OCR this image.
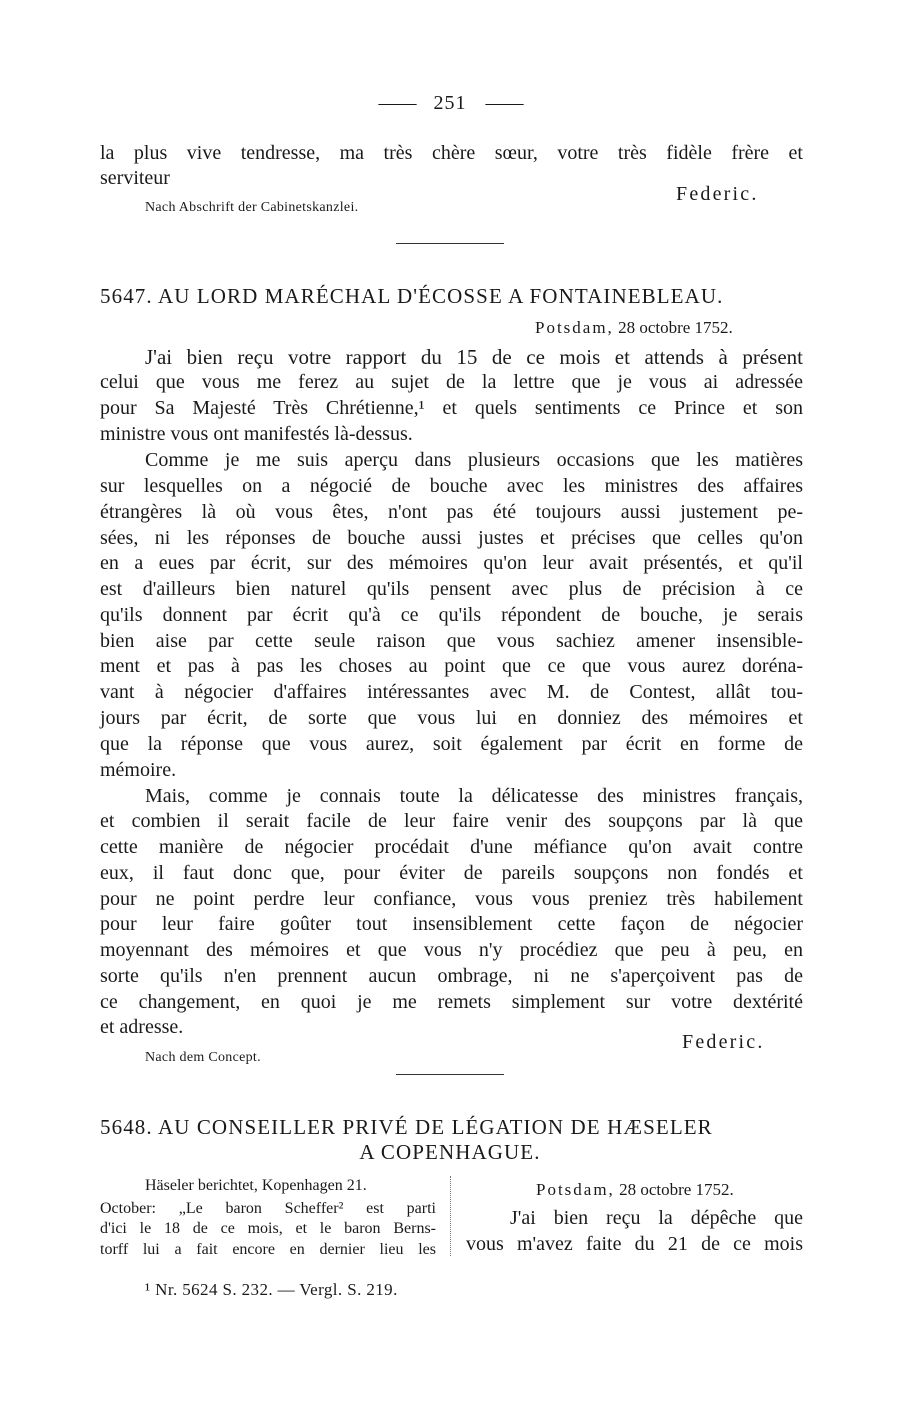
—— 251 ——
la plus vive tendresse, ma très chère sœur, votre très fidèle frère et
serviteur
Federic.
Nach Abschrift der Cabinetskanzlei.
5647. AU LORD MARÉCHAL D'ÉCOSSE A FONTAINEBLEAU.
Potsdam, 28 octobre 1752.
J'ai bien reçu votre rapport du 15 de ce mois et attends à présent
celui que vous me ferez au sujet de la lettre que je vous ai adressée
pour Sa Majesté Très Chrétienne,¹ et quels sentiments ce Prince et son
ministre vous ont manifestés là-dessus.
Comme je me suis aperçu dans plusieurs occasions que les matières
sur lesquelles on a négocié de bouche avec les ministres des affaires
étrangères là où vous êtes, n'ont pas été toujours aussi justement pe-
sées, ni les réponses de bouche aussi justes et précises que celles qu'on
en a eues par écrit, sur des mémoires qu'on leur avait présentés, et qu'il
est d'ailleurs bien naturel qu'ils pensent avec plus de précision à ce
qu'ils donnent par écrit qu'à ce qu'ils répondent de bouche, je serais
bien aise par cette seule raison que vous sachiez amener insensible-
ment et pas à pas les choses au point que ce que vous aurez doréna-
vant à négocier d'affaires intéressantes avec M. de Contest, allât tou-
jours par écrit, de sorte que vous lui en donniez des mémoires et
que la réponse que vous aurez, soit également par écrit en forme de
mémoire.
Mais, comme je connais toute la délicatesse des ministres français,
et combien il serait facile de leur faire venir des soupçons par là que
cette manière de négocier procédait d'une méfiance qu'on avait contre
eux, il faut donc que, pour éviter de pareils soupçons non fondés et
pour ne point perdre leur confiance, vous vous preniez très habilement
pour leur faire goûter tout insensiblement cette façon de négocier
moyennant des mémoires et que vous n'y procédiez que peu à peu, en
sorte qu'ils n'en prennent aucun ombrage, ni ne s'aperçoivent pas de
ce changement, en quoi je me remets simplement sur votre dextérité
et adresse.
Federic.
Nach dem Concept.
5648. AU CONSEILLER PRIVÉ DE LÉGATION DE HÆSELER
A COPENHAGUE.
Häseler berichtet, Kopenhagen 21.
October: „Le baron Scheffer² est parti
d'ici le 18 de ce mois, et le baron Berns-
torff lui a fait encore en dernier lieu les
Potsdam, 28 octobre 1752.
J'ai bien reçu la dépêche que
vous m'avez faite du 21 de ce mois
¹ Nr. 5624 S. 232. — Vergl. S. 219.
